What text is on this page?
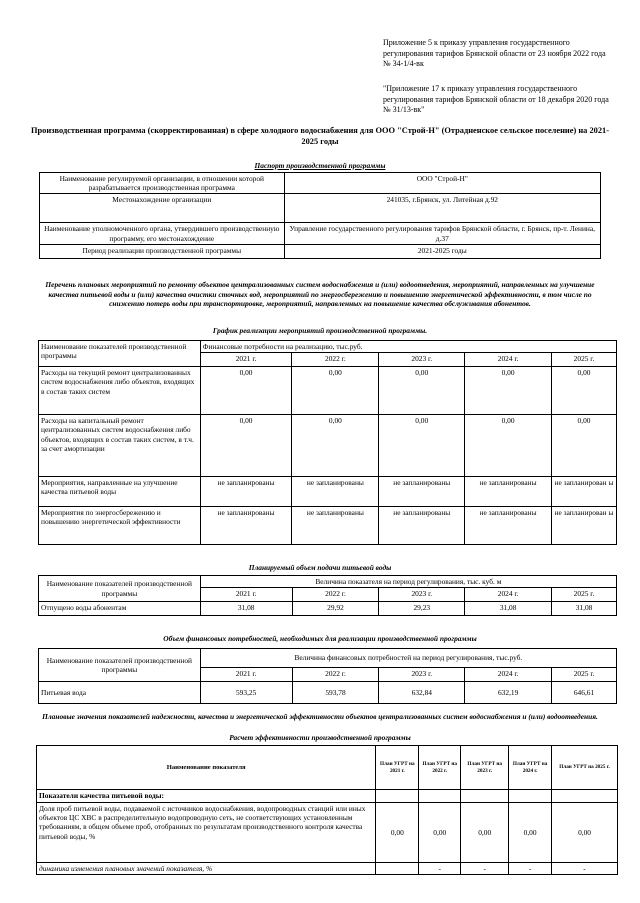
Приложение 5 к приказу управления государственного регулирования тарифов Брянской области от 23 ноября 2022 года № 34-1/4-вк
"Приложение 17 к приказу управления государственного регулирования тарифов Брянской области от 18 декабря 2020 года № 31/13-вк"
Производственная программа (скорректированная) в сфере холодного водоснабжения для ООО "Строй-Н" (Отрадненское сельское поселение) на 2021-2025 годы
Паспорт производственной программы
Наименование регулируемой организации, в отношении которой разрабатывается производственная программа	ООО "Строй-Н"
Местонахождение организации	241035, г.Брянск, ул. Литейная д.92
Наименование уполномоченного органа, утвердившего производственную программу, его местонахождение	Управление государственного регулирования тарифов Брянской области, г. Брянск, пр-т. Ленина, д.37
Период реализации производственной программы	2021-2025 годы
Перечень плановых мероприятий по ремонту объектов централизованных систем водоснабжения и (или) водоотведения, мероприятий, направленных на улучшение качества питьевой воды и (или) качества очистки сточных вод, мероприятий по энергосбережению и повышению энергетической эффективности, в том числе по снижению потерь воды при транспортировке, мероприятий, направленных на повышение качества обслуживания абонентов.
График реализации мероприятий производственной программы.
Наименование показателей производственной программы	Финансовые потребности на реализацию, тыс.руб.				
	2021 г.	2022 г.	2023 г.	2024 г.	2025 г.
Расходы на текущий ремонт централизованных систем водоснабжения либо объектов, входящих в состав таких систем	0,00	0,00	0,00	0,00	0,00
Расходы на капитальный ремонт централизованных систем водоснабжения либо объектов, входящих в состав таких систем, в т.ч. за счет амортизации	0,00	0,00	0,00	0,00	0,00
Мероприятия, направленные на улучшение качества питьевой воды	не запланированы	не запланированы	не запланированы	не запланированы	не запланирован ы
Мероприятия по энергосбережению и повышению энергетической эффективности	не запланированы	не запланированы	не запланированы	не запланированы	не запланирован ы
Планируемый объем подачи питьевой воды
Наименование показателей производственной программы	Величина показателя на период регулирования, тыс. куб. м				
	2021 г.	2022 г.	2023 г.	2024 г.	2025 г.
Отпущено воды абонентам	31,08	29,92	29,23	31,08	31,08
Объем финансовых потребностей, необходимых для реализации производственной программы
Наименование показателей производственной программы	Величина финансовых потребностей на период регулирования, тыс.руб.				
	2021 г.	2022 г.	2023 г.	2024 г.	2025 г.
Питьевая вода	593,25	593,78	632,84	632,19	646,61
Плановые значения показателей надежности, качества и энергетической эффективности объектов централизованных систем водоснабжения и (или) водоотведения.
Расчет эффективности производственной программы
Наименование показателя	План УГРТ на 2021 г.	План УГРТ на 2022 г.	План УГРТ на 2023 г.	План УГРТ на 2024 г.	План УГРТ на 2025 г.
Показатели качества питьевой воды:					
Доля проб питьевой воды, подаваемой с источников водоснабжения, водопроводных станций или иных объектов ЦС ХВС в распределительную водопроводную сеть, не соответствующих установленным требованиям, в общем объеме проб, отобранных по результатам производственного контроля качества питьевой воды, %	0,00	0,00	0,00	0,00	0,00
динамика изменения плановых значений показателя, %		-	-	-	-
